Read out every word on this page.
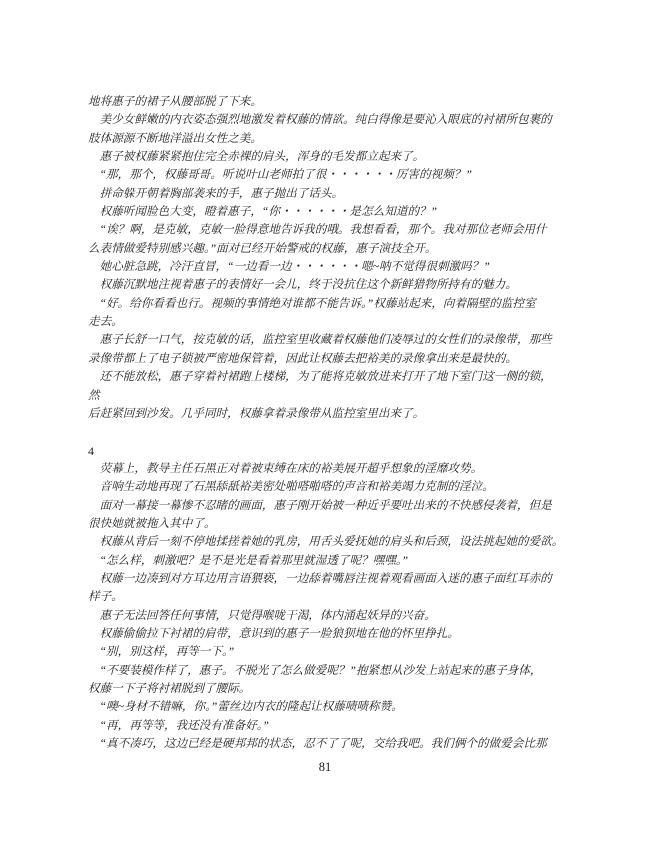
地将惠子的裙子从腰部脱了下来。
美少女鲜嫩的内衣姿态强烈地激发着权藤的情欲。纯白得像是要沁入眼底的衬裙所包裹的
肢体源源不断地洋溢出女性之美。
惠子被权藤紧紧抱住完全赤裸的肩头，浑身的毛发都立起来了。
“那，那个，权藤哥哥。听说叶山老师拍了很・・・・・・厉害的视频？”
拼命躲开朝着胸部袭来的手，惠子抛出了话头。
权藤听闻脸色大变，瞪着惠子，“你・・・・・・是怎么知道的？”
“诶？啊，是克敏，克敏一脸得意地告诉我的哦。我想看看，那个。我对那位老师会用什
么表情做爱特别感兴趣。”面对已经开始警戒的权藤，惠子演技全开。
她心脏急跳，冷汗直冒，“一边看一边・・・・・・嗯~呐不觉得很刺激吗？”
权藤沉默地注视着惠子的表情好一会儿，终于没抗住这个新鲜猎物所持有的魅力。
“好。给你看看也行。视频的事情绝对谁都不能告诉。”权藤站起来，向着隔壁的监控室
走去。
惠子长舒一口气，按克敏的话，监控室里收藏着权藤他们凌辱过的女性们的录像带，那些
录像带都上了电子锁被严密地保管着，因此让权藤去把裕美的录像拿出来是最快的。
还不能放松，惠子穿着衬裙跑上楼梯，为了能将克敏放进来打开了地下室门这一侧的锁，
然
后赶紧回到沙发。几乎同时，权藤拿着录像带从监控室里出来了。
4
荧幕上，教导主任石黑正对着被束缚在床的裕美展开超乎想象的淫靡攻势。
音响生动地再现了石黑舔舐裕美密处啪嗒啪嗒的声音和裕美竭力克制的淫泣。
面对一幕接一幕惨不忍睹的画面，惠子刚开始被一种近乎要吐出来的不快感侵袭着，但是
很快她就被拖入其中了。
权藤从背后一刻不停地揉搓着她的乳房，用舌头爱抚她的肩头和后颈，设法挑起她的爱欲。
“怎么样，刺激吧？是不是光是看着那里就湿透了呢？嘿嘿。”
权藤一边凑到对方耳边用言语猥亵，一边舔着嘴唇注视着观看画面入迷的惠子面红耳赤的
样子。
惠子无法回答任何事情，只觉得喉咙干渴，体内涌起妖异的兴奋。
权藤偷偷拉下衬裙的肩带，意识到的惠子一脸狼狈地在他的怀里挣扎。
“别，别这样，再等一下。”
“不要装模作样了，惠子。不脱光了怎么做爱呢？”抱紧想从沙发上站起来的惠子身体，
权藤一下子将衬裙脱到了腰际。
“噢~身材不错嘛，你。”蕾丝边内衣的隆起让权藤啧啧称赞。
“再，再等等，我还没有准备好。”
“真不凑巧，这边已经是硬邦邦的状态，忍不了了呢，交给我吧。我们俩个的做爱会比那
81
